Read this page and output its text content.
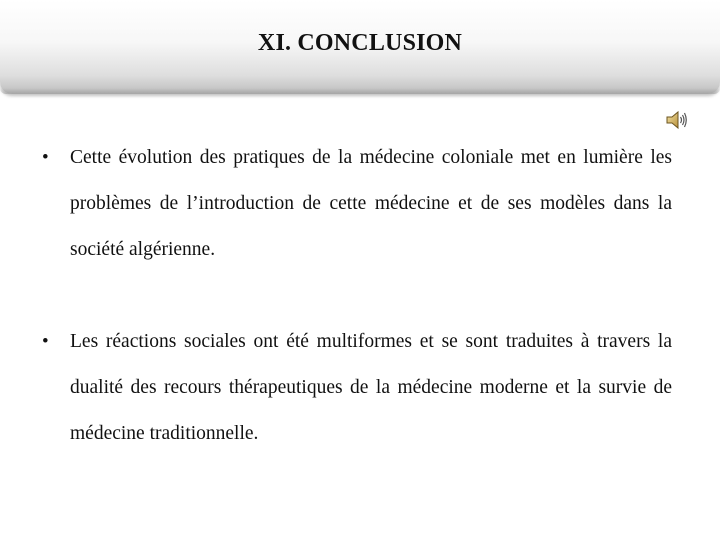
XI. CONCLUSION
• Cette évolution des pratiques de la médecine coloniale met en lumière les problèmes de l’introduction de cette médecine et de ses modèles dans la société algérienne.
• Les réactions sociales ont été multiformes et se sont traduites à travers la dualité des recours thérapeutiques de la médecine moderne et la survie de médecine traditionnelle.
